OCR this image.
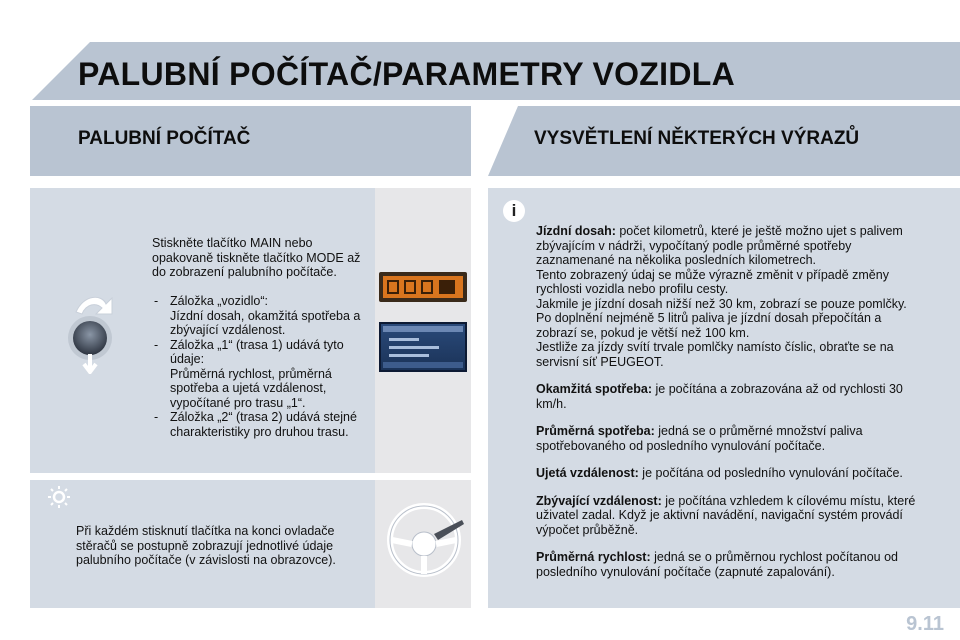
PALUBNÍ POČÍTAČ/PARAMETRY VOZIDLA
PALUBNÍ POČÍTAČ	VYSVĚTLENÍ NĚKTERÝCH VÝRAZŮ
Stiskněte tlačítko MAIN nebo opakovaně tiskněte tlačítko MODE až do zobrazení palubního počítače.
- Záložka „vozidlo“:
Jízdní dosah, okamžitá spotřeba a zbývající vzdálenost.
- Záložka „1“ (trasa 1) udává tyto údaje:
Průměrná rychlost, průměrná spotřeba a ujetá vzdálenost, vypočítané pro trasu „1“.
- Záložka „2“ (trasa 2) udává stejné charakteristiky pro druhou trasu.
Při každém stisknutí tlačítka na konci ovladače stěračů se postupně zobrazují jednotlivé údaje palubního počítače (v závislosti na obrazovce).
i
Jízdní dosah: počet kilometrů, které je ještě možno ujet s palivem zbývajícím v nádrži, vypočítaný podle průměrné spotřeby zaznamenané na několika posledních kilometrech.
Tento zobrazený údaj se může výrazně změnit v případě změny rychlosti vozidla nebo profilu cesty.
Jakmile je jízdní dosah nižší než 30 km, zobrazí se pouze pomlčky. Po doplnění nejméně 5 litrů paliva je jízdní dosah přepočítán a zobrazí se, pokud je větší než 100 km.
Jestliže za jízdy svítí trvale pomlčky namísto číslic, obraťte se na servisní síť PEUGEOT.
Okamžitá spotřeba: je počítána a zobrazována až od rychlosti 30 km/h.
Průměrná spotřeba: jedná se o průměrné množství paliva spotřebovaného od posledního vynulování počítače.
Ujetá vzdálenost: je počítána od posledního vynulování počítače.
Zbývající vzdálenost: je počítána vzhledem k cílovému místu, které uživatel zadal. Když je aktivní navádění, navigační systém provádí výpočet průběžně.
Průměrná rychlost: jedná se o průměrnou rychlost počítanou od posledního vynulování počítače (zapnuté zapalování).
9.11
